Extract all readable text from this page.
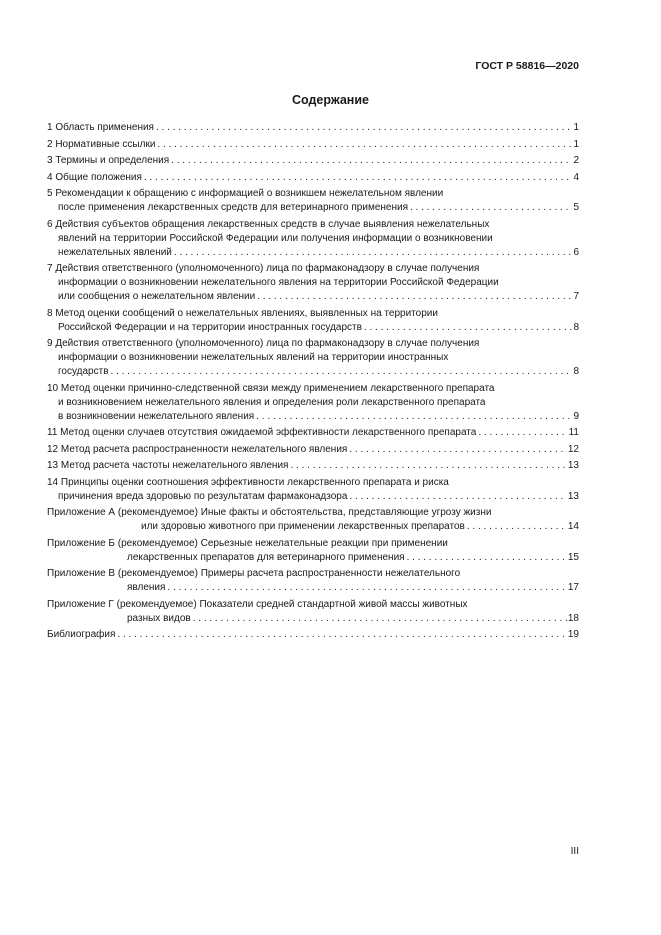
ГОСТ Р 58816—2020
Содержание
1 Область применения . . .	1
2 Нормативные ссылки . . .	1
3 Термины и определения . . .	2
4 Общие положения . . .	4
5 Рекомендации к обращению с информацией о возникшем нежелательном явлении
после применения лекарственных средств для ветеринарного применения . . .	5
6 Действия субъектов обращения лекарственных средств в случае выявления нежелательных
явлений на территории Российской Федерации или получения информации о возникновении
нежелательных явлений . . .	6
7 Действия ответственного (уполномоченного) лица по фармаконадзору в случае получения
информации о возникновении нежелательного явления на территории Российской Федерации
или сообщения о нежелательном явлении . . .	7
8 Метод оценки сообщений о нежелательных явлениях, выявленных на территории
Российской Федерации и на территории иностранных государств . . .	8
9 Действия ответственного (уполномоченного) лица по фармаконадзору в случае получения
информации о возникновении нежелательных явлений на территории иностранных
государств . . .	8
10 Метод оценки причинно-следственной связи между применением лекарственного препарата
и возникновением нежелательного явления и определения роли лекарственного препарата
в возникновении нежелательного явления . . .	9
11 Метод оценки случаев отсутствия ожидаемой эффективности лекарственного препарата . . .	11
12 Метод расчета распространенности нежелательного явления . . .	12
13 Метод расчета частоты нежелательного явления . . .	13
14 Принципы оценки соотношения эффективности лекарственного препарата и риска
причинения вреда здоровью по результатам фармаконадзора . . .	13
Приложение А (рекомендуемое) Иные факты и обстоятельства, представляющие угрозу жизни
или здоровью животного при применении лекарственных препаратов . . .	14
Приложение Б (рекомендуемое) Серьезные нежелательные реакции при применении
лекарственных препаратов для ветеринарного применения . . .	15
Приложение В (рекомендуемое) Примеры расчета распространенности нежелательного
явления . . .	17
Приложение Г (рекомендуемое) Показатели средней стандартной живой массы животных
разных видов . . .	18
Библиография . . .	19
III
